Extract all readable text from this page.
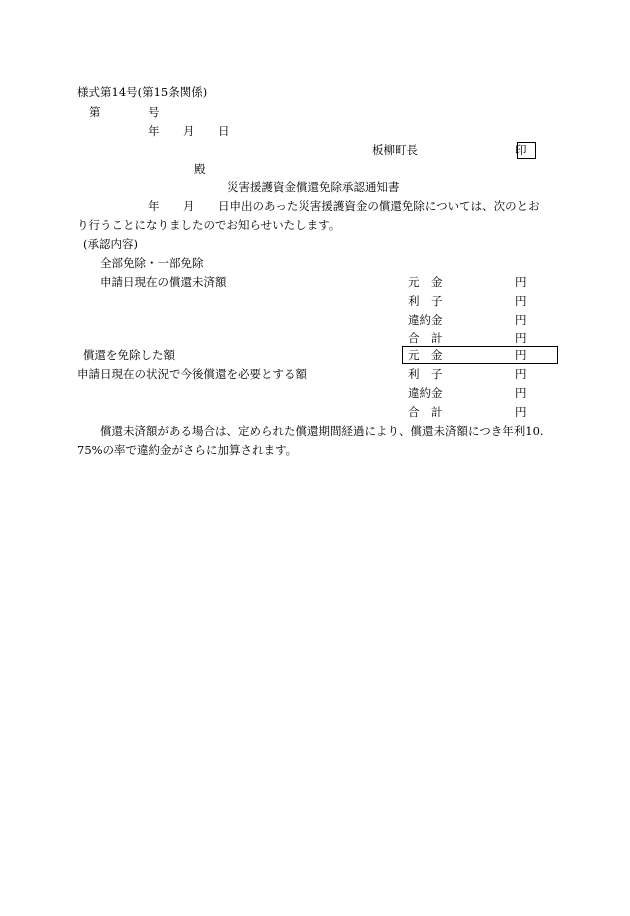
様式第14号(第15条関係)
第	号
年 月 日
板柳町長	印
殿
災害援護資金償還免除承認通知書
年 月 日申出のあった災害援護資金の償還免除については、次のとお
り行うことになりましたのでお知らせいたします。
(承認内容)
全部免除・一部免除
申請日現在の償還未済額	元　金	円
利　子	円
違約金	円
合　計	円
償還を免除した額	元　金	円
申請日現在の状況で今後償還を必要とする額	利　子	円
違約金	円
合　計	円
償還未済額がある場合は、定められた償還期間経過により、償還未済額につき年利10.
75%の率で違約金がさらに加算されます。
